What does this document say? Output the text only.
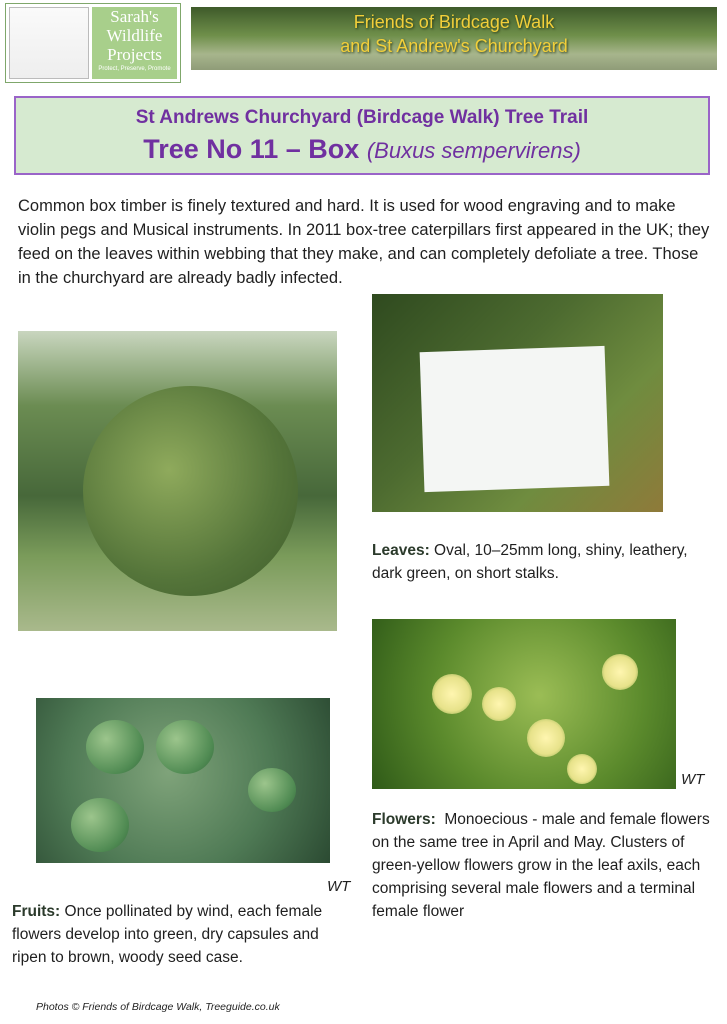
Sarah's
Wildlife
Projects
Protect, Preserve, Promote
Friends of Birdcage Walk
and St Andrew's Churchyard
St Andrews Churchyard (Birdcage Walk) Tree Trail
Tree No 11 – Box (Buxus sempervirens)
Common box timber is finely textured and hard. It is used for wood engraving and to make violin pegs and Musical instruments. In 2011 box-tree caterpillars first appeared in the UK; they feed on the leaves within webbing that they make, and can completely defoliate a tree. Those in the churchyard are already badly infected.
Leaves: Oval, 10–25mm long, shiny, leathery, dark green, on short stalks.
WT
Flowers:  Monoecious - male and female flowers on the same tree in April and May. Clusters of green-yellow flowers grow in the leaf axils, each comprising several male flowers and a terminal female flower
WT
Fruits: Once pollinated by wind, each female flowers develop into green, dry capsules and ripen to brown, woody seed case.
Photos © Friends of Birdcage Walk, Treeguide.co.uk
